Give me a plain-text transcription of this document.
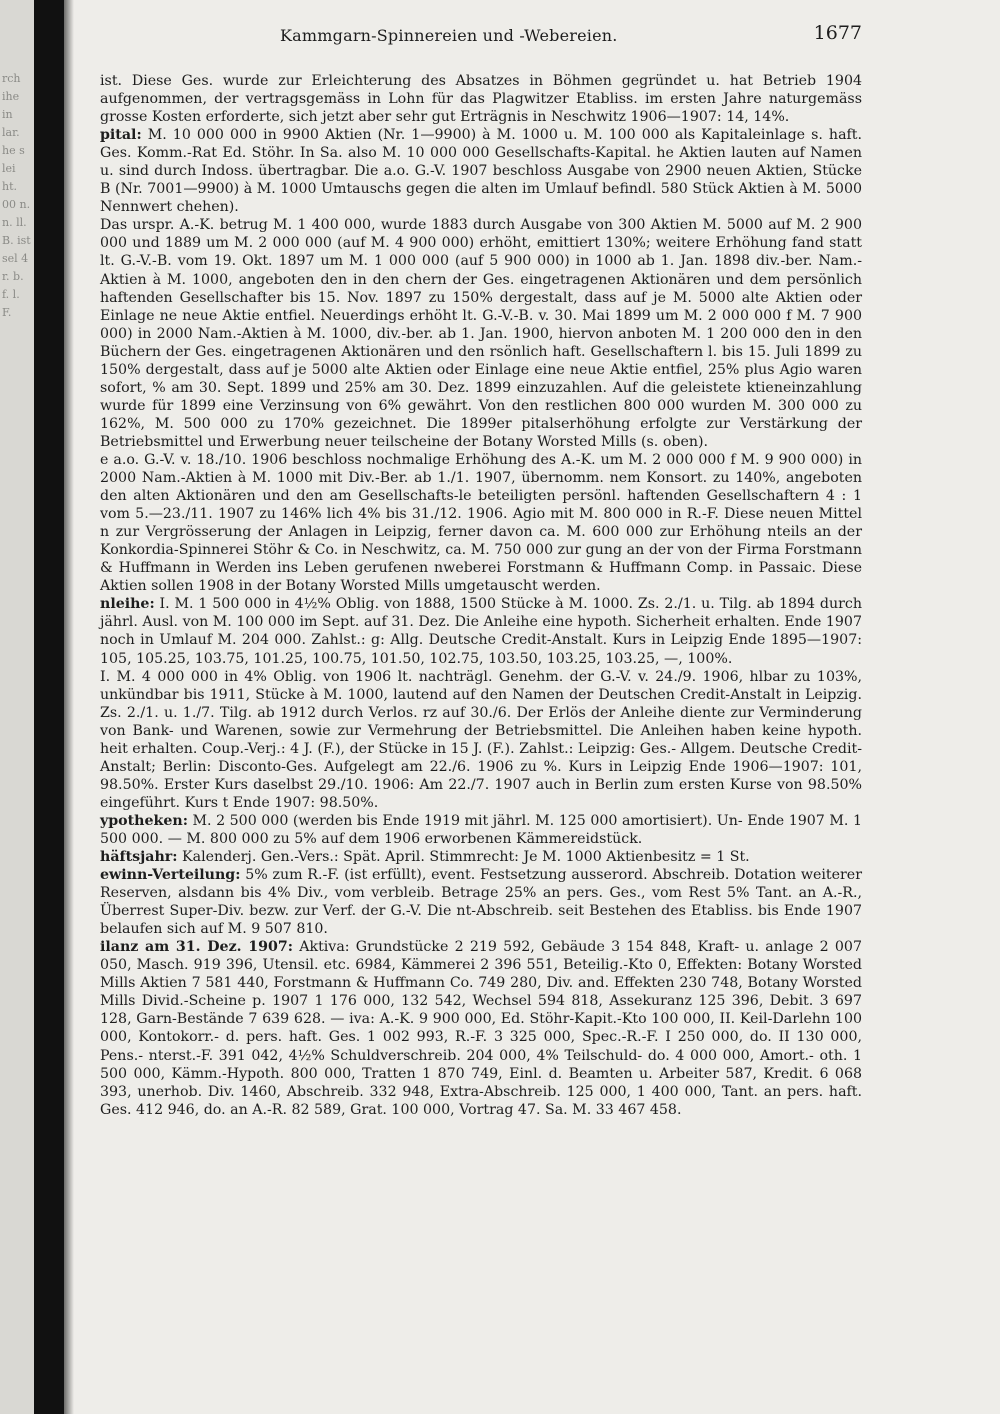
rch ihe in lar. he s lei ht. 00 n. n. ll. B. ist sel 4 r. b. f. l. F.
Kammgarn-Spinnereien und -Webereien.	1677

ist. Diese Ges. wurde zur Erleichterung des Absatzes in Böhmen gegründet u. hat Betrieb 1904 aufgenommen, der vertragsgemäss in Lohn für das Plagwitzer Etabliss. im ersten Jahre naturgemäss grosse Kosten erforderte, sich jetzt aber sehr gut Erträgnis in Neschwitz 1906—1907: 14, 14%.

pital: M. 10 000 000 in 9900 Aktien (Nr. 1—9900) à M. 1000 u. M. 100 000 als Kapitaleinlage s. haft. Ges. Komm.-Rat Ed. Stöhr. In Sa. also M. 10 000 000 Gesellschafts-Kapital. he Aktien lauten auf Namen u. sind durch Indoss. übertragbar. Die a.o. G.-V. 1907 beschloss Ausgabe von 2900 neuen Aktien, Stücke B (Nr. 7001—9900) à M. 1000 Umtauschs gegen die alten im Umlauf befindl. 580 Stück Aktien à M. 5000 Nennwert chehen).

Das urspr. A.-K. betrug M. 1 400 000, wurde 1883 durch Ausgabe von 300 Aktien M. 5000 auf M. 2 900 000 und 1889 um M. 2 000 000 (auf M. 4 900 000) erhöht, emittiert 130%; weitere Erhöhung fand statt lt. G.-V.-B. vom 19. Okt. 1897 um M. 1 000 000 (auf 5 900 000) in 1000 ab 1. Jan. 1898 div.-ber. Nam.-Aktien à M. 1000, angeboten den in den chern der Ges. eingetragenen Aktionären und dem persönlich haftenden Gesellschafter bis 15. Nov. 1897 zu 150% dergestalt, dass auf je M. 5000 alte Aktien oder Einlage ne neue Aktie entfiel. Neuerdings erhöht lt. G.-V.-B. v. 30. Mai 1899 um M. 2 000 000 f M. 7 900 000) in 2000 Nam.-Aktien à M. 1000, div.-ber. ab 1. Jan. 1900, hiervon anboten M. 1 200 000 den in den Büchern der Ges. eingetragenen Aktionären und den rsönlich haft. Gesellschaftern l. bis 15. Juli 1899 zu 150% dergestalt, dass auf je 5000 alte Aktien oder Einlage eine neue Aktie entfiel, 25% plus Agio waren sofort, % am 30. Sept. 1899 und 25% am 30. Dez. 1899 einzuzahlen. Auf die geleistete ktieneinzahlung wurde für 1899 eine Verzinsung von 6% gewährt. Von den restlichen 800 000 wurden M. 300 000 zu 162%, M. 500 000 zu 170% gezeichnet. Die 1899er pitalserhöhung erfolgte zur Verstärkung der Betriebsmittel und Erwerbung neuer teilscheine der Botany Worsted Mills (s. oben).

e a.o. G.-V. v. 18./10. 1906 beschloss nochmalige Erhöhung des A.-K. um M. 2 000 000 f M. 9 900 000) in 2000 Nam.-Aktien à M. 1000 mit Div.-Ber. ab 1./1. 1907, übernomm. nem Konsort. zu 140%, angeboten den alten Aktionären und den am Gesellschafts-le beteiligten persönl. haftenden Gesellschaftern 4 : 1 vom 5.—23./11. 1907 zu 146% lich 4% bis 31./12. 1906. Agio mit M. 800 000 in R.-F. Diese neuen Mittel n zur Vergrösserung der Anlagen in Leipzig, ferner davon ca. M. 600 000 zur Erhöhung nteils an der Konkordia-Spinnerei Stöhr & Co. in Neschwitz, ca. M. 750 000 zur gung an der von der Firma Forstmann & Huffmann in Werden ins Leben gerufenen nweberei Forstmann & Huffmann Comp. in Passaic. Diese Aktien sollen 1908 in der Botany Worsted Mills umgetauscht werden.

nleihe: I. M. 1 500 000 in 4½% Oblig. von 1888, 1500 Stücke à M. 1000. Zs. 2./1. u. Tilg. ab 1894 durch jährl. Ausl. von M. 100 000 im Sept. auf 31. Dez. Die Anleihe eine hypoth. Sicherheit erhalten. Ende 1907 noch in Umlauf M. 204 000. Zahlst.: g: Allg. Deutsche Credit-Anstalt. Kurs in Leipzig Ende 1895—1907: 105, 105.25, 103.75, 101.25, 100.75, 101.50, 102.75, 103.50, 103.25, 103.25, —, 100%.

I. M. 4 000 000 in 4% Oblig. von 1906 lt. nachträgl. Genehm. der G.-V. v. 24./9. 1906, hlbar zu 103%, unkündbar bis 1911, Stücke à M. 1000, lautend auf den Namen der Deutschen Credit-Anstalt in Leipzig. Zs. 2./1. u. 1./7. Tilg. ab 1912 durch Verlos. rz auf 30./6. Der Erlös der Anleihe diente zur Verminderung von Bank- und Warenen, sowie zur Vermehrung der Betriebsmittel. Die Anleihen haben keine hypoth. heit erhalten. Coup.-Verj.: 4 J. (F.), der Stücke in 15 J. (F.). Zahlst.: Leipzig: Ges.- Allgem. Deutsche Credit-Anstalt; Berlin: Disconto-Ges. Aufgelegt am 22./6. 1906 zu %. Kurs in Leipzig Ende 1906—1907: 101, 98.50%. Erster Kurs daselbst 29./10. 1906: Am 22./7. 1907 auch in Berlin zum ersten Kurse von 98.50% eingeführt. Kurs t Ende 1907: 98.50%.

ypotheken: M. 2 500 000 (werden bis Ende 1919 mit jährl. M. 125 000 amortisiert). Un- Ende 1907 M. 1 500 000. — M. 800 000 zu 5% auf dem 1906 erworbenen Kämmereidstück.

häftsjahr: Kalenderj. Gen.-Vers.: Spät. April. Stimmrecht: Je M. 1000 Aktienbesitz = 1 St.

ewinn-Verteilung: 5% zum R.-F. (ist erfüllt), event. Festsetzung ausserord. Abschreib. Dotation weiterer Reserven, alsdann bis 4% Div., vom verbleib. Betrage 25% an pers. Ges., vom Rest 5% Tant. an A.-R., Überrest Super-Div. bezw. zur Verf. der G.-V. Die nt-Abschreib. seit Bestehen des Etabliss. bis Ende 1907 belaufen sich auf M. 9 507 810.

ilanz am 31. Dez. 1907: Aktiva: Grundstücke 2 219 592, Gebäude 3 154 848, Kraft- u. anlage 2 007 050, Masch. 919 396, Utensil. etc. 6984, Kämmerei 2 396 551, Beteilig.-Kto 0, Effekten: Botany Worsted Mills Aktien 7 581 440, Forstmann & Huffmann Co. 749 280, Div. and. Effekten 230 748, Botany Worsted Mills Divid.-Scheine p. 1907 1 176 000, 132 542, Wechsel 594 818, Assekuranz 125 396, Debit. 3 697 128, Garn-Bestände 7 639 628. — iva: A.-K. 9 900 000, Ed. Stöhr-Kapit.-Kto 100 000, II. Keil-Darlehn 100 000, Kontokorr.- d. pers. haft. Ges. 1 002 993, R.-F. 3 325 000, Spec.-R.-F. I 250 000, do. II 130 000, Pens.- nterst.-F. 391 042, 4½% Schuldverschreib. 204 000, 4% Teilschuld- do. 4 000 000, Amort.- oth. 1 500 000, Kämm.-Hypoth. 800 000, Tratten 1 870 749, Einl. d. Beamten u. Arbeiter 587, Kredit. 6 068 393, unerhob. Div. 1460, Abschreib. 332 948, Extra-Abschreib. 125 000, 1 400 000, Tant. an pers. haft. Ges. 412 946, do. an A.-R. 82 589, Grat. 100 000, Vortrag 47. Sa. M. 33 467 458.
